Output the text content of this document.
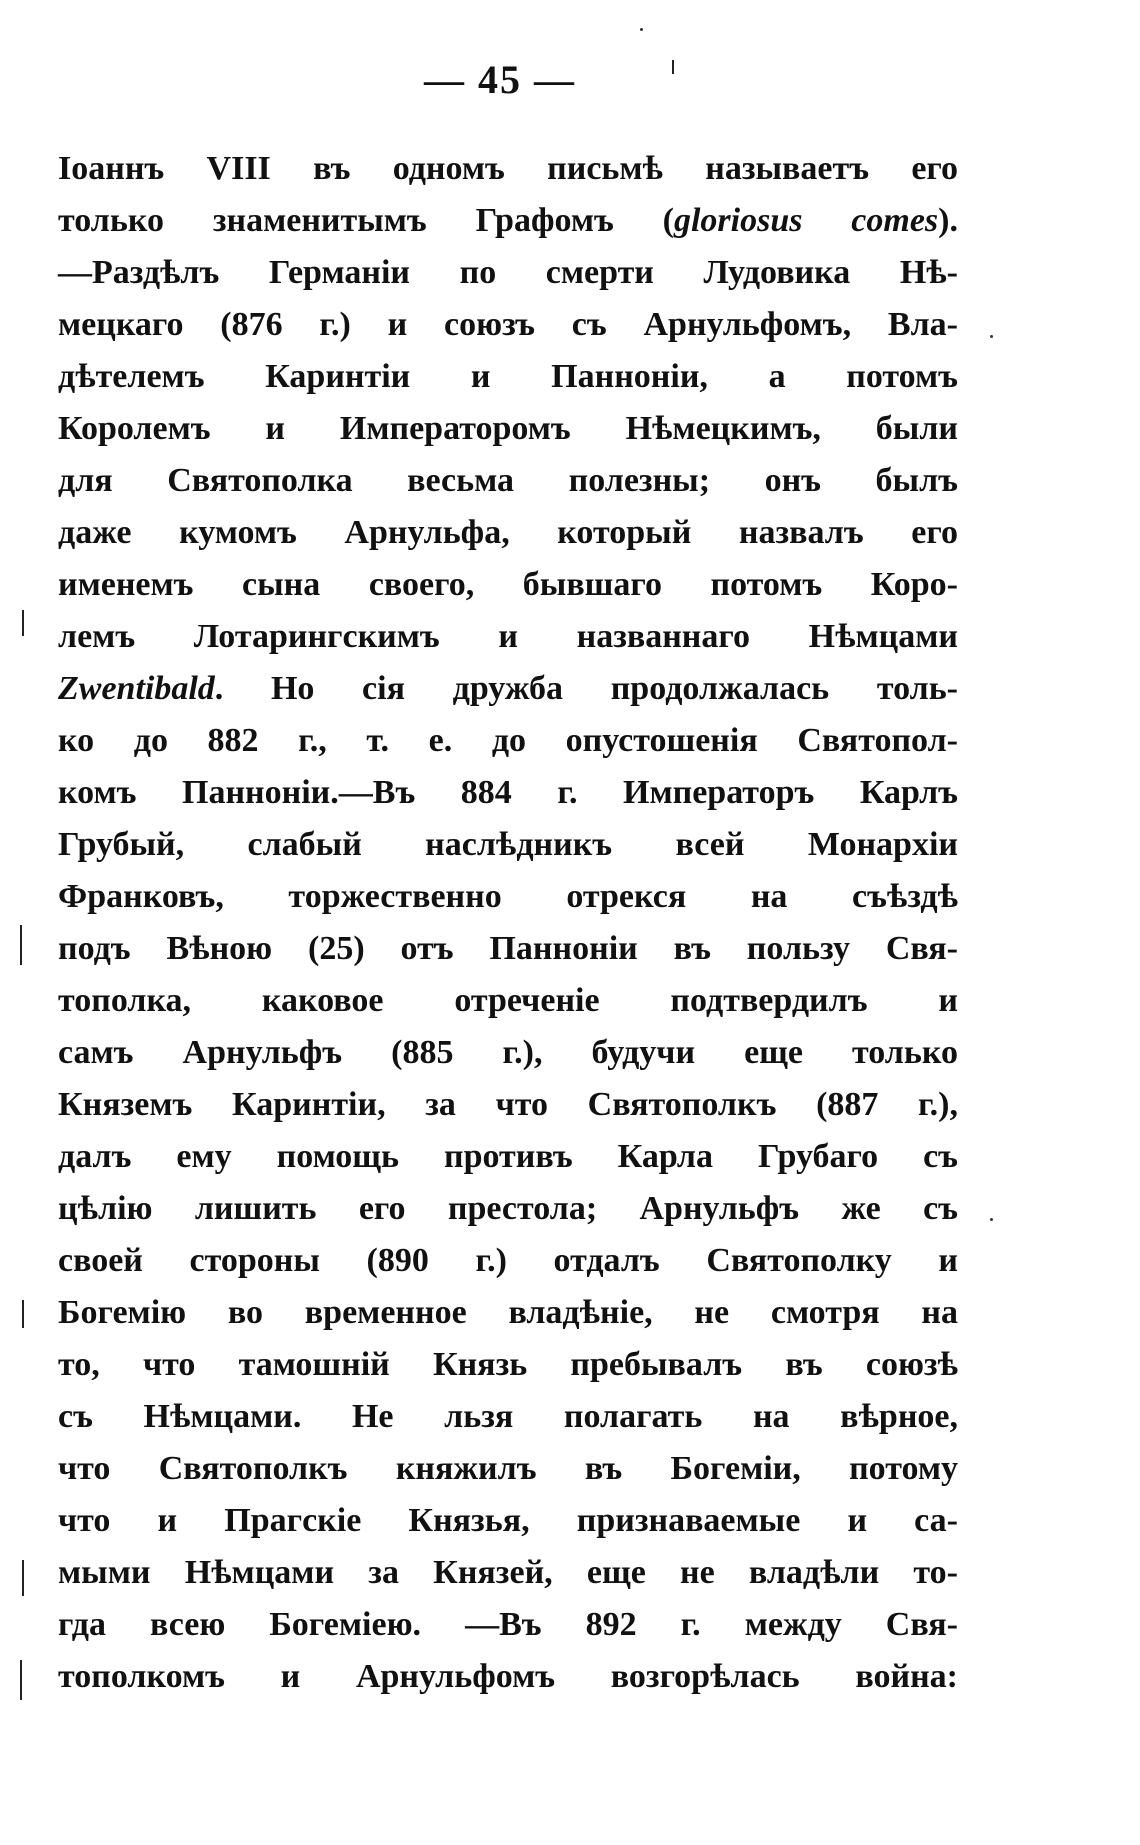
— 45 —
Іоаннъ VIII въ одномъ письмѣ называетъ его
только знаменитымъ Графомъ (gloriosus comes).
—Раздѣлъ Германіи по смерти Лудовика Нѣ-
мецкаго (876 г.) и союзъ съ Арнульфомъ, Вла-
дѣтелемъ Каринтіи и Панноніи, а потомъ
Королемъ и Императоромъ Нѣмецкимъ, были
для Святополка весьма полезны; онъ былъ
даже кумомъ Арнульфа, который назвалъ его
именемъ сына своего, бывшаго потомъ Коро-
лемъ Лотарингскимъ и названнаго Нѣмцами
Zwentibald. Но сія дружба продолжалась толь-
ко до 882 г., т. е. до опустошенія Святопол-
комъ Панноніи.—Въ 884 г. Императоръ Карлъ
Грубый, слабый наслѣдникъ всей Монархіи
Франковъ, торжественно отрекся на съѣздѣ
подъ Вѣною (25) отъ Панноніи въ пользу Свя-
тополка, каковое отреченіе подтвердилъ и
самъ Арнульфъ (885 г.), будучи еще только
Княземъ Каринтіи, за что Святополкъ (887 г.),
далъ ему помощь противъ Карла Грубаго съ
цѣлію лишить его престола; Арнульфъ же съ
своей стороны (890 г.) отдалъ Святополку и
Богемію во временное владѣніе, не смотря на
то, что тамошній Князь пребывалъ въ союзѣ
съ Нѣмцами. Не льзя полагать на вѣрное,
что Святополкъ княжилъ въ Богеміи, потому
что и Прагскіе Князья, признаваемые и са-
мыми Нѣмцами за Князей, еще не владѣли то-
гда всею Богеміею. —Въ 892 г. между Свя-
тополкомъ и Арнульфомъ возгорѣлась война:
